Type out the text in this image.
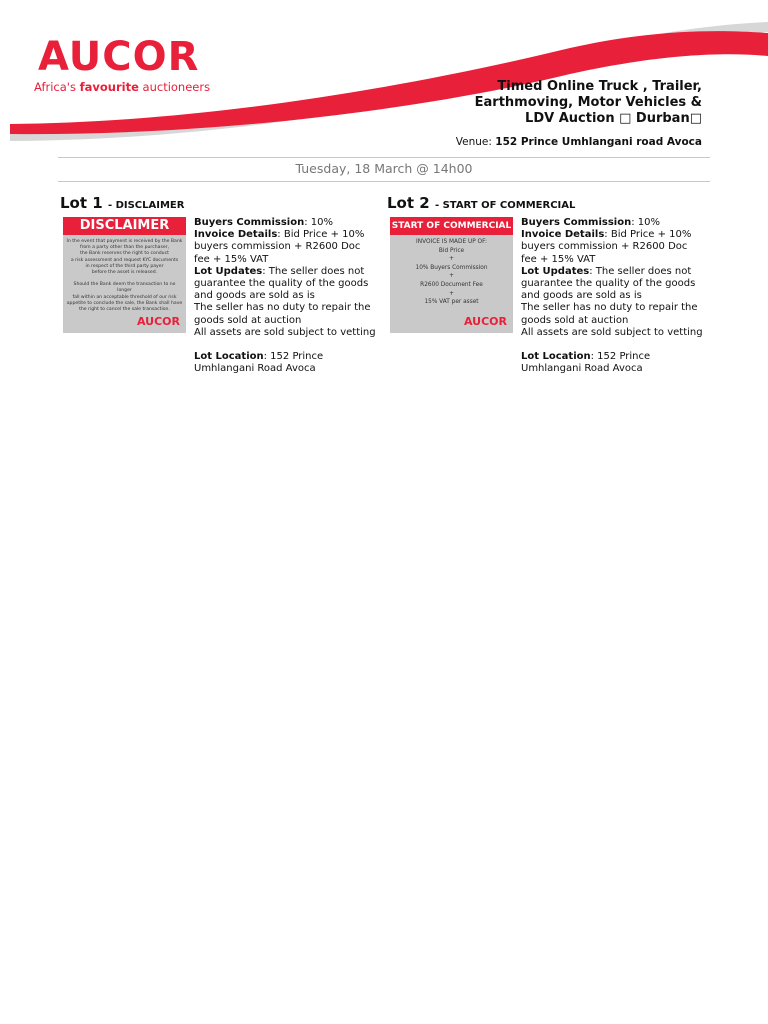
AUCOR
Africa's favourite auctioneers	Timed Online Truck , Trailer,
Earthmoving, Motor Vehicles &
LDV Auction □ Durban□
Venue: 152 Prince Umhlangani road Avoca
Tuesday, 18 March @ 14h00
Lot 1 - DISCLAIMER
DISCLAIMER
In the event that payment is received by the Bank
from a party other than the purchaser,
the Bank reserves the right to conduct
a risk assessment and request KYC documents
in respect of the third party payer
before the asset is released.
Should the Bank deem the transaction to no longer
fall within an acceptable threshold of our risk
appetite to conclude the sale, the Bank shall have
the right to cancel the sale transaction.
AUCOR
Buyers Commission: 10%
Invoice Details: Bid Price + 10% buyers commission + R2600 Doc fee + 15% VAT
Lot Updates: The seller does not guarantee the quality of the goods and goods are sold as is
The seller has no duty to repair the goods sold at auction
All assets are sold subject to vetting
Lot Location: 152 Prince Umhlangani Road Avoca
Lot 2 - START OF COMMERCIAL
START OF COMMERCIAL
INVOICE IS MADE UP OF:
Bid Price
+
10% Buyers Commission
+
R2600 Document Fee
+
15% VAT per asset
AUCOR
Buyers Commission: 10%
Invoice Details: Bid Price + 10% buyers commission + R2600 Doc fee + 15% VAT
Lot Updates: The seller does not guarantee the quality of the goods and goods are sold as is
The seller has no duty to repair the goods sold at auction
All assets are sold subject to vetting
Lot Location: 152 Prince Umhlangani Road Avoca
